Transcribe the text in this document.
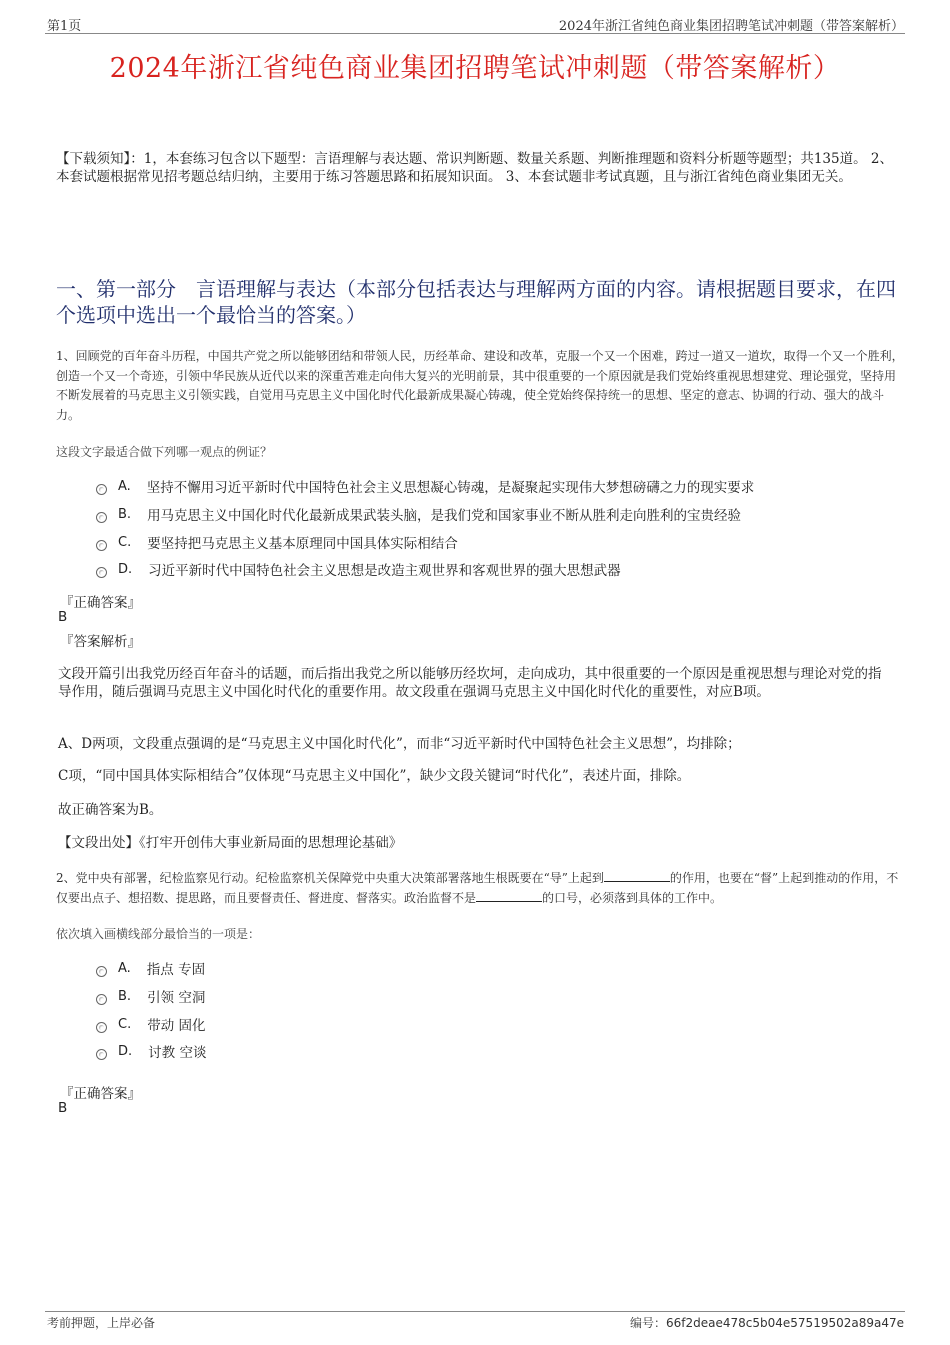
第1页	2024年浙江省纯色商业集团招聘笔试冲刺题（带答案解析）
2024年浙江省纯色商业集团招聘笔试冲刺题（带答案解析）
【下载须知】：1，本套练习包含以下题型：言语理解与表达题、常识判断题、数量关系题、判断推理题和资料分析题等题型；共135道。 2、本套试题根据常见招考题总结归纳，主要用于练习答题思路和拓展知识面。 3、本套试题非考试真题，且与浙江省纯色商业集团无关。
一、第一部分　言语理解与表达（本部分包括表达与理解两方面的内容。请根据题目要求，在四个选项中选出一个最恰当的答案。）
1、回顾党的百年奋斗历程，中国共产党之所以能够团结和带领人民，历经革命、建设和改革，克服一个又一个困难，跨过一道又一道坎，取得一个又一个胜利，创造一个又一个奇迹，引领中华民族从近代以来的深重苦难走向伟大复兴的光明前景，其中很重要的一个原因就是我们党始终重视思想建党、理论强党，坚持用不断发展着的马克思主义引领实践，自觉用马克思主义中国化时代化最新成果凝心铸魂，使全党始终保持统一的思想、坚定的意志、协调的行动、强大的战斗力。
这段文字最适合做下列哪一观点的例证？
A. 坚持不懈用习近平新时代中国特色社会主义思想凝心铸魂，是凝聚起实现伟大梦想磅礴之力的现实要求
B. 用马克思主义中国化时代化最新成果武装头脑，是我们党和国家事业不断从胜利走向胜利的宝贵经验
C. 要坚持把马克思主义基本原理同中国具体实际相结合
D. 习近平新时代中国特色社会主义思想是改造主观世界和客观世界的强大思想武器
『正确答案』
B
『答案解析』
文段开篇引出我党历经百年奋斗的话题，而后指出我党之所以能够历经坎坷，走向成功，其中很重要的一个原因是重视思想与理论对党的指导作用，随后强调马克思主义中国化时代化的重要作用。故文段重在强调马克思主义中国化时代化的重要性，对应B项。
A、D两项，文段重点强调的是“马克思主义中国化时代化”，而非“习近平新时代中国特色社会主义思想”，均排除；
C项，“同中国具体实际相结合”仅体现“马克思主义中国化”，缺少文段关键词“时代化”，表述片面，排除。
故正确答案为B。
【文段出处】《打牢开创伟大事业新局面的思想理论基础》
2、党中央有部署，纪检监察见行动。纪检监察机关保障党中央重大决策部署落地生根既要在“导”上起到	的作用，也要在“督”上起到推动的作用，不仅要出点子、想招数、提思路，而且要督责任、督进度、督落实。政治监督不是	的口号，必须落到具体的工作中。
依次填入画横线部分最恰当的一项是：
A. 指点 专固
B. 引领 空洞
C. 带动 固化
D. 讨教 空谈
『正确答案』
B
考前押题，上岸必备	编号：66f2deae478c5b04e57519502a89a47e
